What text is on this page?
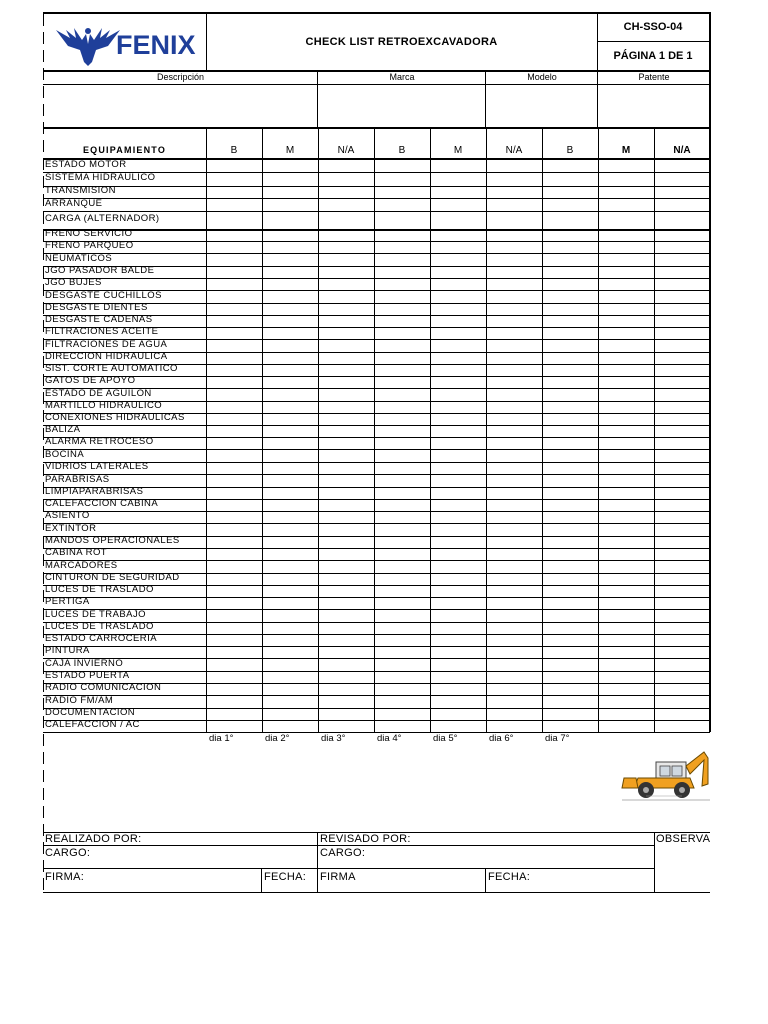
FENIX	CHECK LIST RETROEXCAVADORA
CH-SSO-04
PÁGINA 1 DE 1
Descripción	Marca	Modelo	Patente
EQUIPAMIENTO	B	M	N/A	B	M	N/A	B	M	N/A
ESTADO MOTOR
SISTEMA HIDRAULICO
TRANSMISION
ARRANQUE
CARGA (ALTERNADOR)
FRENO SERVICIO
FRENO PARQUEO
NEUMATICOS
JGO PASADOR BALDE
JGO BUJES
DESGASTE CUCHILLOS
DESGASTE DIENTES
DESGASTE CADENAS
FILTRACIONES ACEITE
FILTRACIONES DE AGUA
DIRECCION HIDRAULICA
SIST. CORTE AUTOMATICO
GATOS DE APOYO
ESTADO DE AGUILON
MARTILLO HIDRAULICO
CONEXIONES HIDRAULICAS
BALIZA
ALARMA RETROCESO
BOCINA
VIDRIOS LATERALES
PARABRISAS
LIMPIAPARABRISAS
CALEFACCION CABINA
ASIENTO
EXTINTOR
MANDOS OPERACIONALES
CABINA ROT
MARCADORES
CINTURON DE SEGURIDAD
LUCES DE TRASLADO
PERTIGA
LUCES DE TRABAJO
LUCES DE TRASLADO
ESTADO CARROCERIA
PINTURA
CAJA INVIERNO
ESTADO PUERTA
RADIO COMUNICACION
RADIO FM/AM
DOCUMENTACION
CALEFACCION / AC
dia 1°	dia 2°	dia 3°	dia 4°	dia 5°	dia 6°	dia 7°
REALIZADO POR:	REVISADO POR:	OBSERVA
CARGO:	CARGO:
FIRMA:	FECHA: FIRMA	FECHA:
